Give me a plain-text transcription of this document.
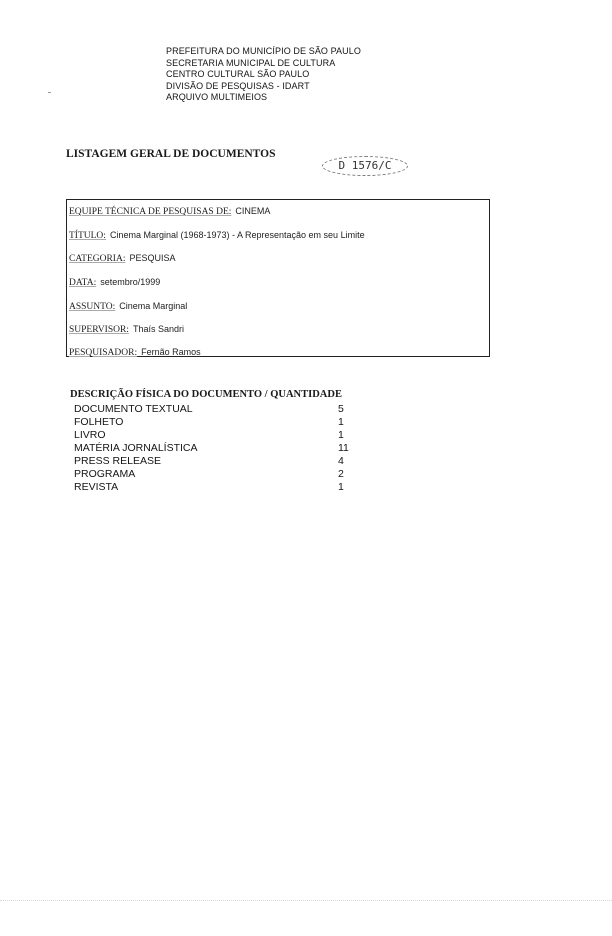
PREFEITURA DO MUNICÍPIO DE SÃO PAULO
SECRETARIA MUNICIPAL DE CULTURA
CENTRO CULTURAL SÃO PAULO
DIVISÃO DE PESQUISAS - IDART
ARQUIVO MULTIMEIOS
LISTAGEM GERAL DE DOCUMENTOS
D 1576/C
EQUIPE TÉCNICA DE PESQUISAS DE: CINEMA
TÍTULO: Cinema Marginal (1968-1973) - A Representação em seu Limite
CATEGORIA: PESQUISA
DATA: setembro/1999
ASSUNTO: Cinema Marginal
SUPERVISOR: Thaís Sandri
PESQUISADOR: Fernão Ramos
DESCRIÇÃO FÍSICA DO DOCUMENTO / QUANTIDADE
DOCUMENTO TEXTUAL	5
FOLHETO	1
LIVRO	1
MATÉRIA JORNALÍSTICA	11
PRESS RELEASE	4
PROGRAMA	2
REVISTA	1
